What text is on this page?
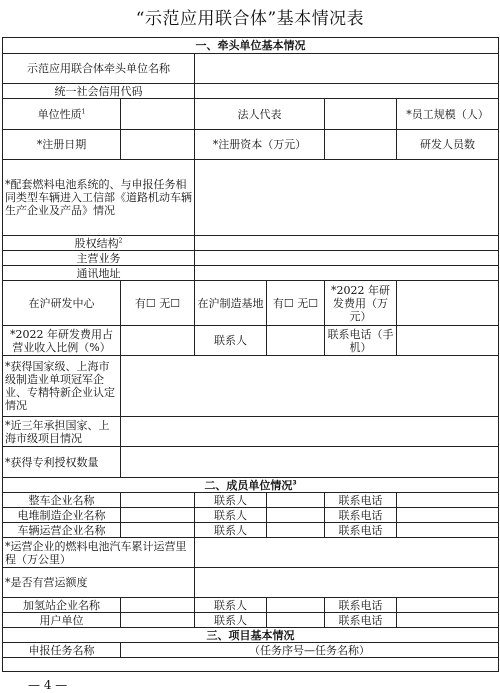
“示范应用联合体”基本情况表
一、牵头单位基本情况					
示范应用联合体牵头单位名称					
统一社会信用代码					
单位性质$^1$		法人代表			*员工规模（人）
*注册日期		*注册资本（万元）			研发人员数
*配套燃料电池系统的、与申报任务相同类型车辆进入工信部《道路机动车辆生产企业及产品》情况					
股权结构$^2$	
主营业务					
通讯地址					
在沪研发中心	有☐ 无☐	在沪制造基地	有☐ 无☐	*2022 年研发费用（万元）	
*2022 年研发费用占营业收入比例（%）		联系人		联系电话（手机）	
*获得国家级、上海市级制造业单项冠军企业、专精特新企业认定情况					
*近三年承担国家、上海市级项目情况					
*获得专利授权数量					
二、成员单位情况$^3$
整车企业名称		联系人		联系电话	
电堆制造企业名称		联系人		联系电话	
车辆运营企业名称		联系人		联系电话	
*运营企业的燃料电池汽车累计运营里程（万公里）					
*是否有营运额度					
加氢站企业名称		联系人		联系电话	
用户单位		联系人		联系电话	
三、项目基本情况					
申报任务名称	（任务序号—任务名称）				

— 4 —
